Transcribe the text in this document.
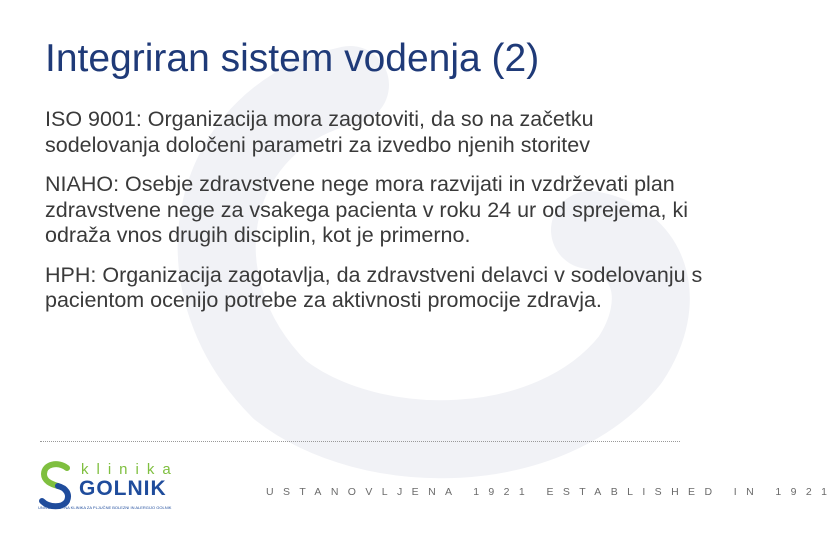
Integriran sistem vodenja (2)

ISO 9001: Organizacija mora zagotoviti, da so na začetku sodelovanja določeni parametri za izvedbo njenih storitev

NIAHO: Osebje zdravstvene nege mora razvijati in vzdrževati plan zdravstvene nege za vsakega pacienta v roku 24 ur od sprejema, ki odraža vnos drugih disciplin, kot je primerno.

HPH: Organizacija zagotavlja, da zdravstveni delavci v sodelovanju s pacientom ocenijo potrebe za aktivnosti promocije zdravja.

klinika
GOLNIK
UNIVERZITETNA KLINIKA ZA PLJUČNE BOLEZNI IN ALERGIJO GOLNIK
USTANOVLJENA 1921 ESTABLISHED IN 1921
